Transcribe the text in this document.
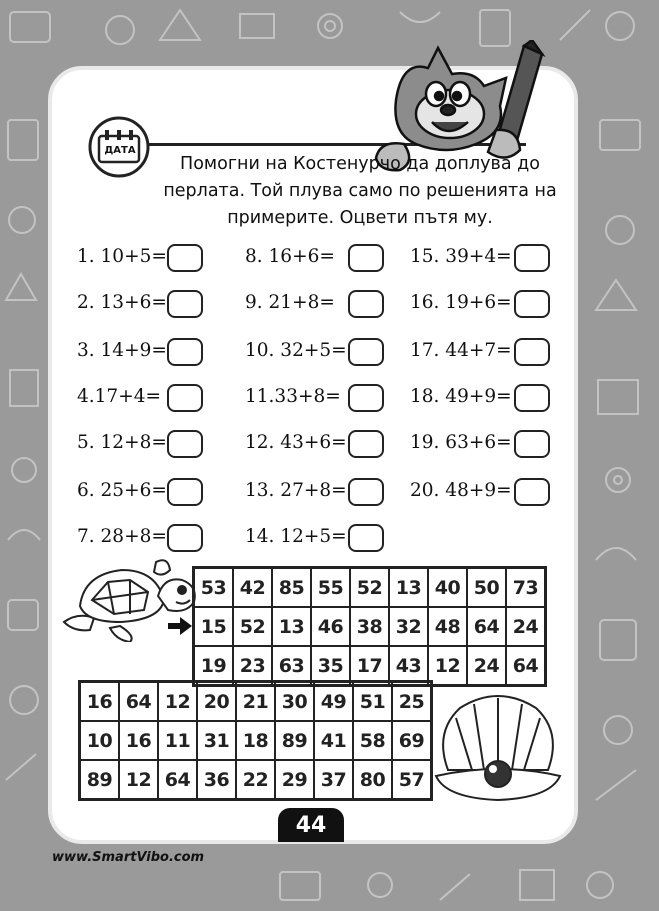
ДАТА
Помогни на Костенурчо да доплува до
перлата. Той плува само по решенията на
примерите. Оцвети пътя му.
1. 10+5=
2. 13+6=
3. 14+9=
4.17+4=
5. 12+8=
6. 25+6=
7. 28+8=
8. 16+6=
9. 21+8=
10. 32+5=
11.33+8=
12. 43+6=
13. 27+8=
14. 12+5=
15. 39+4=
16. 19+6=
17. 44+7=
18. 49+9=
19. 63+6=
20. 48+9=
53 42 85 55 52 13 40 50 73
15 52 13 46 38 32 48 64 24
19 23 63 35 17 43 12 24 64
16 64 12 20 21 30 49 51 25
10 16 11 31 18 89 41 58 69
89 12 64 36 22 29 37 80 57
44
www.SmartVibo.com
